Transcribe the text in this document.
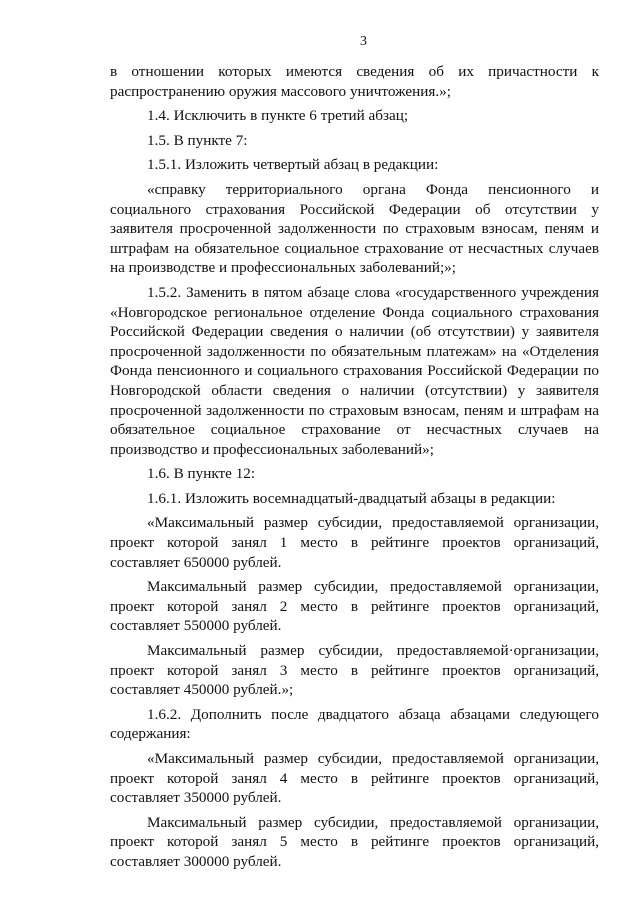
3

в отношении которых имеются сведения об их причастности к распространению оружия массового уничтожения.»;

1.4. Исключить в пункте 6 третий абзац;

1.5. В пункте 7:

1.5.1. Изложить четвертый абзац в редакции:

«справку территориального органа Фонда пенсионного и социального страхования Российской Федерации об отсутствии у заявителя просроченной задолженности по страховым взносам, пеням и штрафам на обязательное социальное страхование от несчастных случаев на производстве и профессиональных заболеваний;»;

1.5.2. Заменить в пятом абзаце слова «государственного учреждения «Новгородское региональное отделение Фонда социального страхования Российской Федерации сведения о наличии (об отсутствии) у заявителя просроченной задолженности по обязательным платежам» на «Отделения Фонда пенсионного и социального страхования Российской Федерации по Новгородской области сведения о наличии (отсутствии) у заявителя просроченной задолженности по страховым взносам, пеням и штрафам на обязательное социальное страхование от несчастных случаев на производство и профессиональных заболеваний»;

1.6. В пункте 12:

1.6.1. Изложить восемнадцатый-двадцатый абзацы в редакции:

«Максимальный размер субсидии, предоставляемой организации, проект которой занял 1 место в рейтинге проектов организаций, составляет 650000 рублей.

Максимальный размер субсидии, предоставляемой организации, проект которой занял 2 место в рейтинге проектов организаций, составляет 550000 рублей.

Максимальный размер субсидии, предоставляемой·организации, проект которой занял 3 место в рейтинге проектов организаций, составляет 450000 рублей.»;

1.6.2. Дополнить после двадцатого абзаца абзацами следующего содержания:

«Максимальный размер субсидии, предоставляемой организации, проект которой занял 4 место в рейтинге проектов организаций, составляет 350000 рублей.

Максимальный размер субсидии, предоставляемой организации, проект которой занял 5 место в рейтинге проектов организаций, составляет 300000 рублей.
